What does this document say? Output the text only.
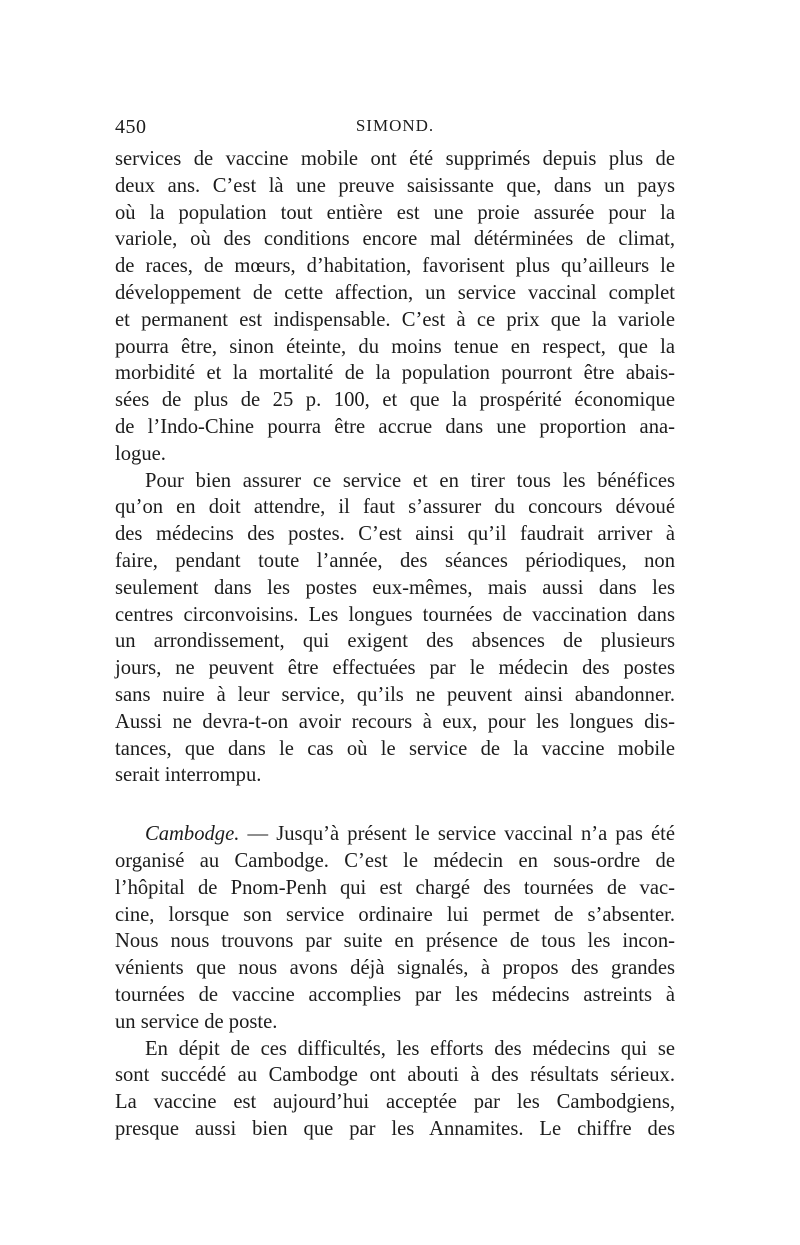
450	SIMOND.

services de vaccine mobile ont été supprimés depuis plus de

deux ans. C’est là une preuve saisissante que, dans un pays

où la population tout entière est une proie assurée pour la

variole, où des conditions encore mal détérminées de climat,

de races, de mœurs, d’habitation, favorisent plus qu’ailleurs le

développement de cette affection, un service vaccinal complet

et permanent est indispensable. C’est à ce prix que la variole

pourra être, sinon éteinte, du moins tenue en respect, que la

morbidité et la mortalité de la population pourront être abais-

sées de plus de 25 p. 100, et que la prospérité économique

de l’Indo-Chine pourra être accrue dans une proportion ana-

logue.

Pour bien assurer ce service et en tirer tous les bénéfices

qu’on en doit attendre, il faut s’assurer du concours dévoué

des médecins des postes. C’est ainsi qu’il faudrait arriver à

faire, pendant toute l’année, des séances périodiques, non

seulement dans les postes eux-mêmes, mais aussi dans les

centres circonvoisins. Les longues tournées de vaccination dans

un arrondissement, qui exigent des absences de plusieurs

jours, ne peuvent être effectuées par le médecin des postes

sans nuire à leur service, qu’ils ne peuvent ainsi abandonner.

Aussi ne devra-t-on avoir recours à eux, pour les longues dis-

tances, que dans le cas où le service de la vaccine mobile

serait interrompu.

Cambodge. — Jusqu’à présent le service vaccinal n’a pas été

organisé au Cambodge. C’est le médecin en sous-ordre de

l’hôpital de Pnom-Penh qui est chargé des tournées de vac-

cine, lorsque son service ordinaire lui permet de s’absenter.

Nous nous trouvons par suite en présence de tous les incon-

vénients que nous avons déjà signalés, à propos des grandes

tournées de vaccine accomplies par les médecins astreints à

un service de poste.

En dépit de ces difficultés, les efforts des médecins qui se

sont succédé au Cambodge ont abouti à des résultats sérieux.

La vaccine est aujourd’hui acceptée par les Cambodgiens,

presque aussi bien que par les Annamites. Le chiffre des
